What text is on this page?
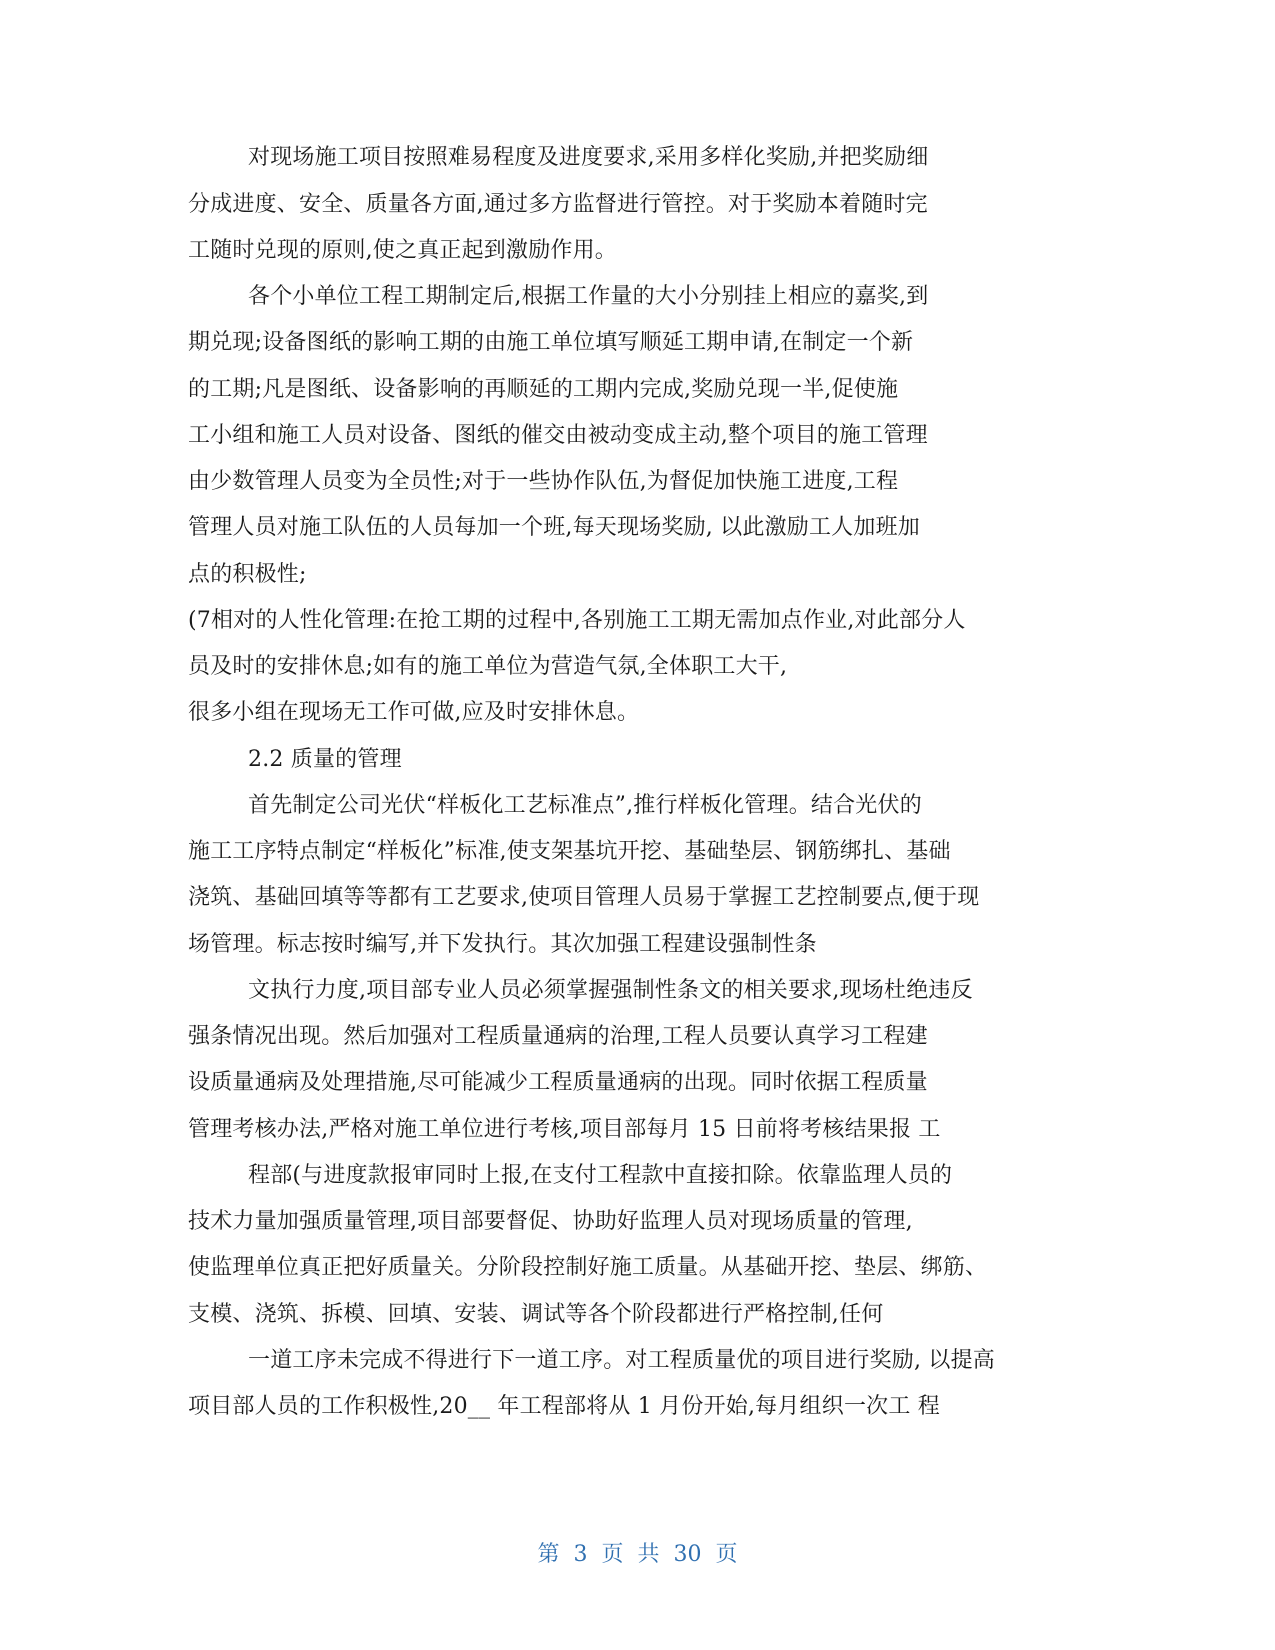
对现场施工项目按照难易程度及进度要求,采用多样化奖励,并把奖励细
分成进度、安全、质量各方面,通过多方监督进行管控。对于奖励本着随时完
工随时兑现的原则,使之真正起到激励作用。
各个小单位工程工期制定后,根据工作量的大小分别挂上相应的嘉奖,到
期兑现;设备图纸的影响工期的由施工单位填写顺延工期申请,在制定一个新
的工期;凡是图纸、设备影响的再顺延的工期内完成,奖励兑现一半,促使施
工小组和施工人员对设备、图纸的催交由被动变成主动,整个项目的施工管理
由少数管理人员变为全员性;对于一些协作队伍,为督促加快施工进度,工程
管理人员对施工队伍的人员每加一个班,每天现场奖励, 以此激励工人加班加
点的积极性;
(7相对的人性化管理:在抢工期的过程中,各别施工工期无需加点作业,对此部分人
员及时的安排休息;如有的施工单位为营造气氛,全体职工大干,
很多小组在现场无工作可做,应及时安排休息。
2.2 质量的管理
首先制定公司光伏“样板化工艺标准点”,推行样板化管理。结合光伏的
施工工序特点制定“样板化”标准,使支架基坑开挖、基础垫层、钢筋绑扎、基础
浇筑、基础回填等等都有工艺要求,使项目管理人员易于掌握工艺控制要点,便于现
场管理。标志按时编写,并下发执行。其次加强工程建设强制性条
文执行力度,项目部专业人员必须掌握强制性条文的相关要求,现场杜绝违反
强条情况出现。然后加强对工程质量通病的治理,工程人员要认真学习工程建
设质量通病及处理措施,尽可能减少工程质量通病的出现。同时依据工程质量
管理考核办法,严格对施工单位进行考核,项目部每月 15 日前将考核结果报 工
程部(与进度款报审同时上报,在支付工程款中直接扣除。依靠监理人员的
技术力量加强质量管理,项目部要督促、协助好监理人员对现场质量的管理,
使监理单位真正把好质量关。分阶段控制好施工质量。从基础开挖、垫层、绑筋、
支模、浇筑、拆模、回填、安装、调试等各个阶段都进行严格控制,任何
一道工序未完成不得进行下一道工序。对工程质量优的项目进行奖励, 以提高
项目部人员的工作积极性,20__ 年工程部将从 1 月份开始,每月组织一次工 程
第  3  页  共  30  页
